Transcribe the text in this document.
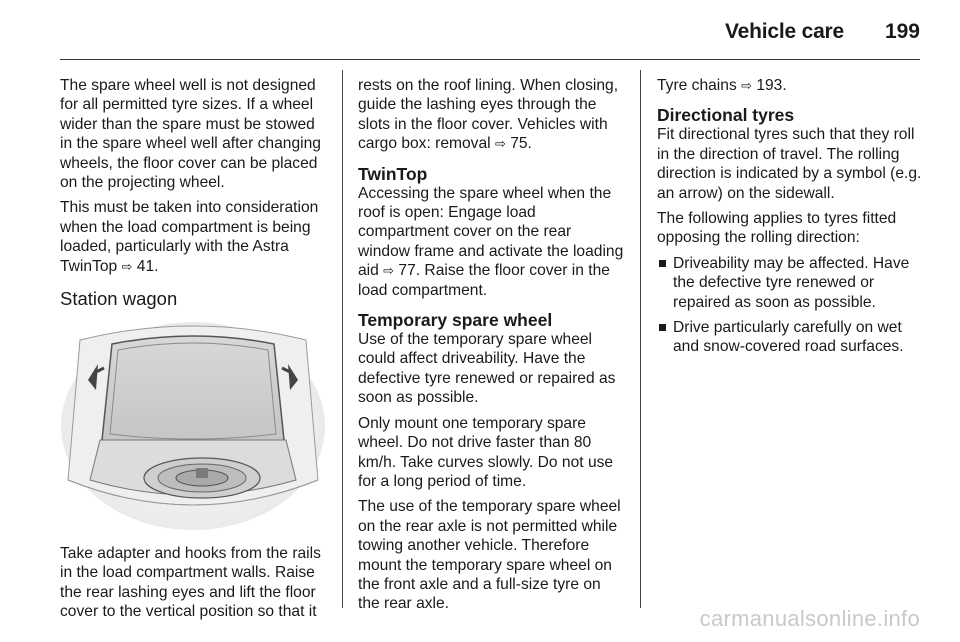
Vehicle care 199

The spare wheel well is not designed for all permitted tyre sizes. If a wheel wider than the spare must be stowed in the spare wheel well after changing wheels, the floor cover can be placed on the projecting wheel.

This must be taken into consideration when the load compartment is being loaded, particularly with the Astra TwinTop ⇨ 41.

Station wagon

Take adapter and hooks from the rails in the load compartment walls. Raise the rear lashing eyes and lift the floor cover to the vertical position so that it

rests on the roof lining. When closing, guide the lashing eyes through the slots in the floor cover. Vehicles with cargo box: removal ⇨ 75.

TwinTop

Accessing the spare wheel when the roof is open: Engage load compartment cover on the rear window frame and activate the loading aid ⇨ 77. Raise the floor cover in the load compartment.

Temporary spare wheel

Use of the temporary spare wheel could affect driveability. Have the defective tyre renewed or repaired as soon as possible.

Only mount one temporary spare wheel. Do not drive faster than 80 km/h. Take curves slowly. Do not use for a long period of time.

The use of the temporary spare wheel on the rear axle is not permitted while towing another vehicle. Therefore mount the temporary spare wheel on the front axle and a full-size tyre on the rear axle.

Tyre chains ⇨ 193.

Directional tyres

Fit directional tyres such that they roll in the direction of travel. The rolling direction is indicated by a symbol (e.g. an arrow) on the sidewall.

The following applies to tyres fitted opposing the rolling direction:

Driveability may be affected. Have the defective tyre renewed or repaired as soon as possible.
Drive particularly carefully on wet and snow-covered road surfaces.
carmanualsonline.info
